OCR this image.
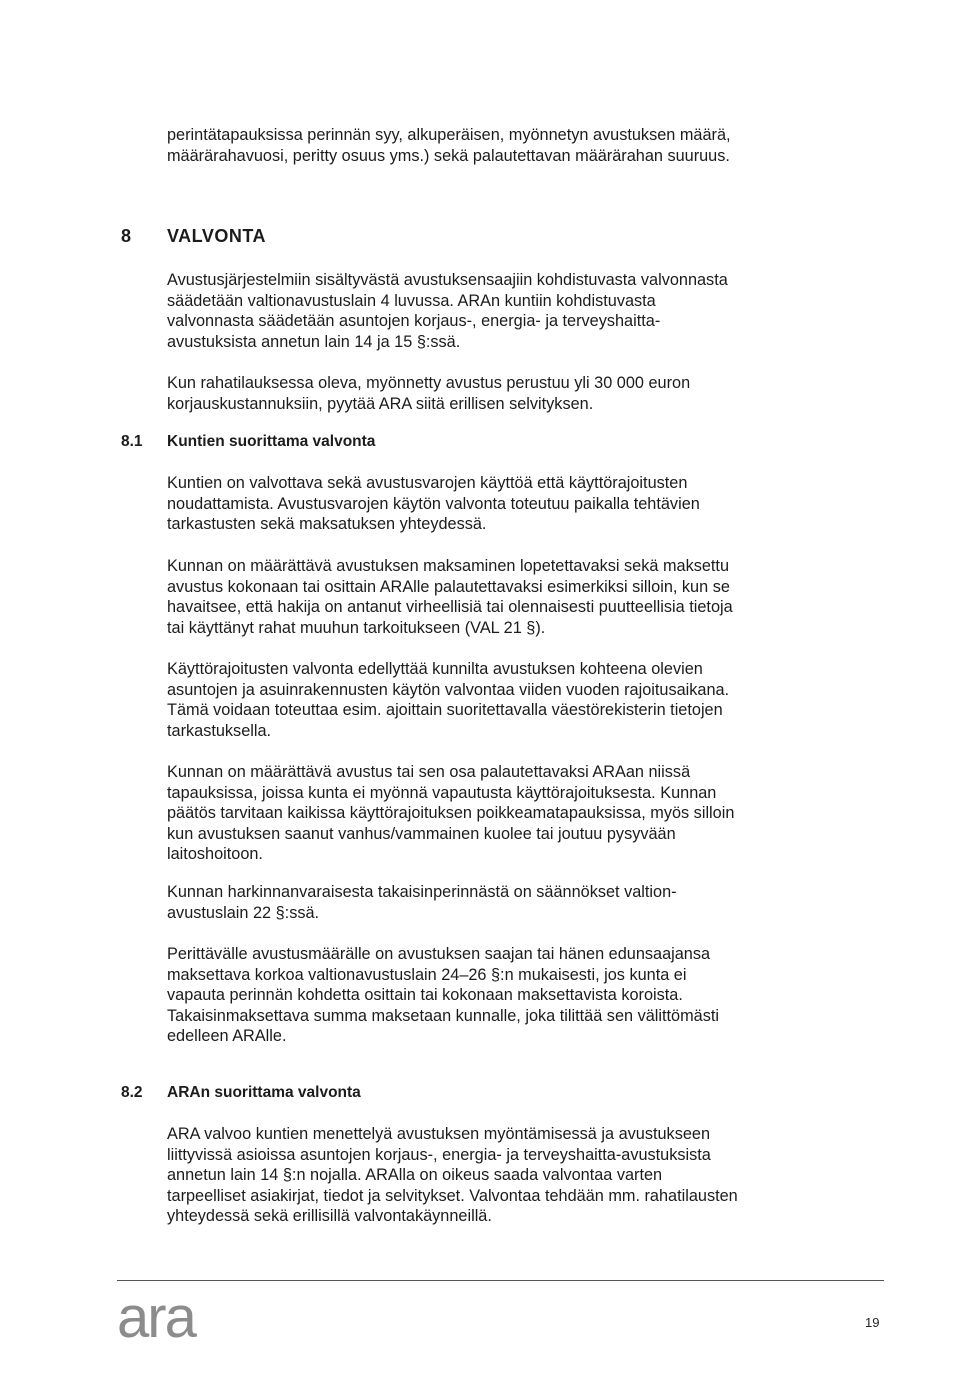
perintätapauksissa perinnän syy, alkuperäisen, myönnetyn avustuksen määrä,
määrärahavuosi, peritty osuus yms.) sekä palautettavan määrärahan suuruus.
8 VALVONTA
Avustusjärjestelmiin sisältyvästä avustuksensaajiin kohdistuvasta valvonnasta
säädetään valtionavustuslain 4 luvussa. ARAn kuntiin kohdistuvasta
valvonnasta säädetään asuntojen korjaus-, energia- ja terveyshaitta-
avustuksista annetun lain 14 ja 15 §:ssä.
Kun rahatilauksessa oleva, myönnetty avustus perustuu yli 30 000 euron
korjauskustannuksiin, pyytää ARA siitä erillisen selvityksen.
8.1 Kuntien suorittama valvonta
Kuntien on valvottava sekä avustusvarojen käyttöä että käyttörajoitusten
noudattamista. Avustusvarojen käytön valvonta toteutuu paikalla tehtävien
tarkastusten sekä maksatuksen yhteydessä.
Kunnan on määrättävä avustuksen maksaminen lopetettavaksi sekä maksettu
avustus kokonaan tai osittain ARAlle palautettavaksi esimerkiksi silloin, kun se
havaitsee, että hakija on antanut virheellisiä tai olennaisesti puutteellisia tietoja
tai käyttänyt rahat muuhun tarkoitukseen (VAL 21 §).
Käyttörajoitusten valvonta edellyttää kunnilta avustuksen kohteena olevien
asuntojen ja asuinrakennusten käytön valvontaa viiden vuoden rajoitusaikana.
Tämä voidaan toteuttaa esim. ajoittain suoritettavalla väestörekisterin tietojen
tarkastuksella.
Kunnan on määrättävä avustus tai sen osa palautettavaksi ARAan niissä
tapauksissa, joissa kunta ei myönnä vapautusta käyttörajoituksesta. Kunnan
päätös tarvitaan kaikissa käyttörajoituksen poikkeamatapauksissa, myös silloin
kun avustuksen saanut vanhus/vammainen kuolee tai joutuu pysyvään
laitoshoitoon.
Kunnan harkinnanvaraisesta takaisinperinnästä on säännökset valtion-
avustuslain 22 §:ssä.
Perittävälle avustusmäärälle on avustuksen saajan tai hänen edunsaajansa
maksettava korkoa valtionavustuslain 24–26 §:n mukaisesti, jos kunta ei
vapauta perinnän kohdetta osittain tai kokonaan maksettavista koroista.
Takaisinmaksettava summa maksetaan kunnalle, joka tilittää sen välittömästi
edelleen ARAlle.
8.2 ARAn suorittama valvonta
ARA valvoo kuntien menettelyä avustuksen myöntämisessä ja avustukseen
liittyvissä asioissa asuntojen korjaus-, energia- ja terveyshaitta-avustuksista
annetun lain 14 §:n nojalla. ARAlla on oikeus saada valvontaa varten
tarpeelliset asiakirjat, tiedot ja selvitykset. Valvontaa tehdään mm. rahatilausten
yhteydessä sekä erillisillä valvontakäynneillä.
ara	19
